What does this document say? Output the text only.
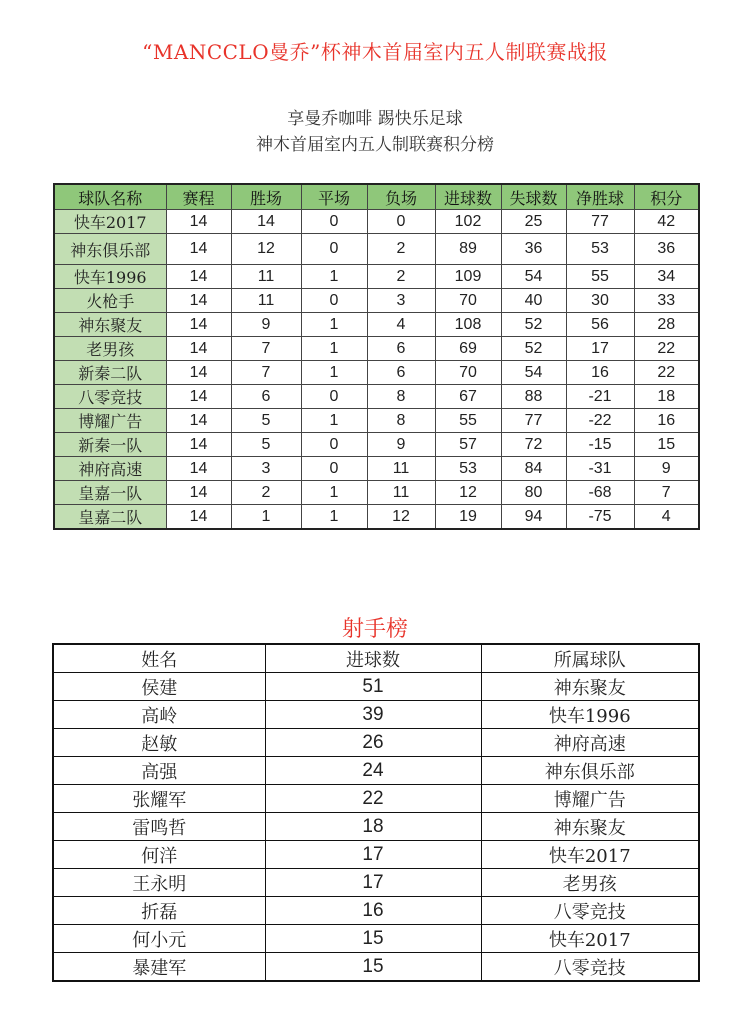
“MANCCLO曼乔”杯神木首届室内五人制联赛战报
享曼乔咖啡 踢快乐足球
神木首届室内五人制联赛积分榜
球队名称	赛程	胜场	平场	负场	进球数	失球数	净胜球	积分
快车2017	14	14	0	0	102	25	77	42
神东俱乐部	14	12	0	2	89	36	53	36
快车1996	14	11	1	2	109	54	55	34
火枪手	14	11	0	3	70	40	30	33
神东聚友	14	9	1	4	108	52	56	28
老男孩	14	7	1	6	69	52	17	22
新秦二队	14	7	1	6	70	54	16	22
八零竞技	14	6	0	8	67	88	-21	18
博耀广告	14	5	1	8	55	77	-22	16
新秦一队	14	5	0	9	57	72	-15	15
神府高速	14	3	0	11	53	84	-31	9
皇嘉一队	14	2	1	11	12	80	-68	7
皇嘉二队	14	1	1	12	19	94	-75	4
射手榜
姓名	进球数	所属球队
侯建	51	神东聚友
高岭	39	快车1996
赵敏	26	神府高速
高强	24	神东俱乐部
张耀军	22	博耀广告
雷鸣哲	18	神东聚友
何洋	17	快车2017
王永明	17	老男孩
折磊	16	八零竞技
何小元	15	快车2017
暴建军	15	八零竞技
